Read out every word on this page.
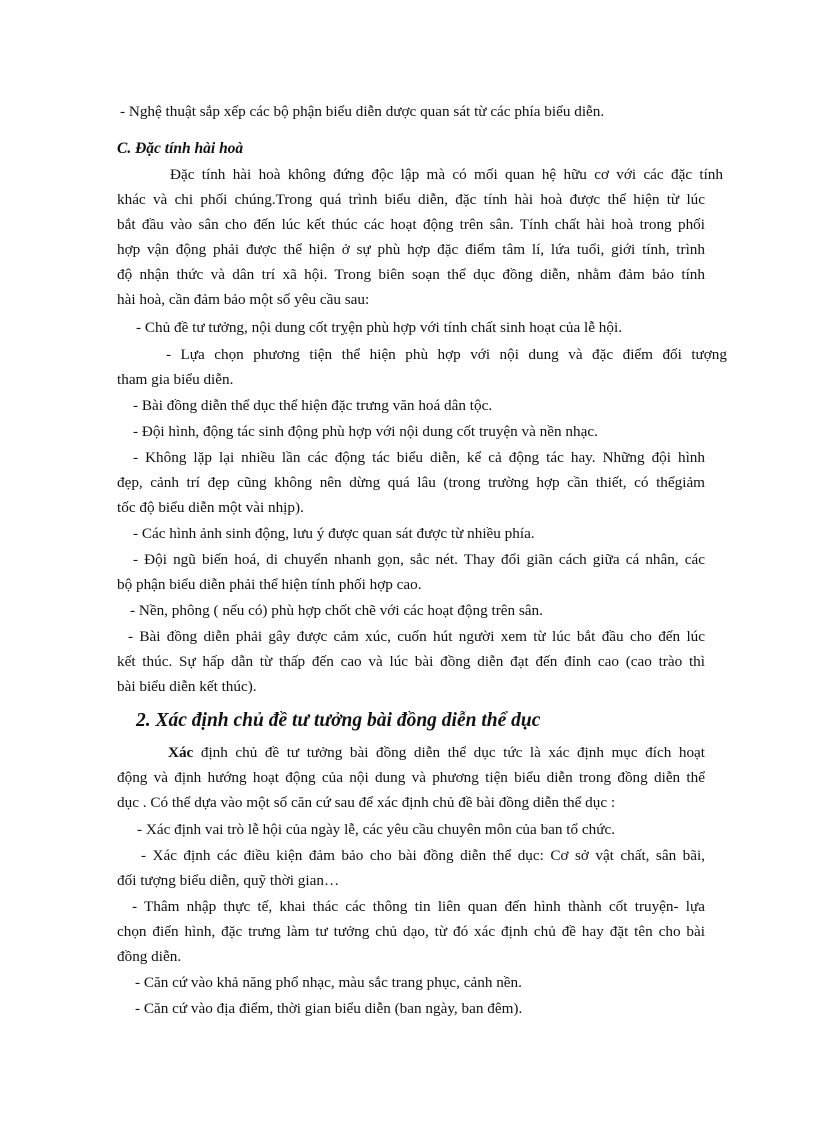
- Nghệ thuật sắp xếp các bộ phận biểu diễn dược quan sát từ các phía biểu diễn.
C. Đặc tính hài hoà
Đặc tính hài hoà không đứng độc lập mà có mối quan hệ hữu cơ với các đặc tính
khác và chi phối chúng.Trong quá trình biểu diễn, đặc tính hài hoà được thể hiện từ lúc
bắt đầu vào sân cho đến lúc kết thúc các hoạt động trên sân. Tính chất hài hoà trong phối
hợp vận động phải được thể hiện ở sự phù hợp đặc điểm tâm lí, lứa tuổi, giới tính, trình
độ nhận thức và dân trí xã hội. Trong biên soạn thể dục đồng diễn, nhằm đảm bảo tính
hài hoà, cần đảm bảo một số yêu cầu sau:
- Chủ đề tư tưởng, nội dung cốt trỵện phù hợp với tính chất sinh hoạt của lễ hội.
- Lựa chọn phương tiện thể hiện phù hợp với nội dung và đặc điểm đối tượng
tham gia biểu diễn.
- Bài đồng diễn thể dục thể hiện đặc trưng văn hoá dân tộc.
- Đội hình, động tác sinh động phù hợp với nội dung cốt truyện và nền nhạc.
- Không lặp lại nhiều lần các động tác biểu diễn, kể cả động tác hay. Những đội hình
đẹp, cảnh trí đẹp cũng không nên dừng quá lâu (trong trường hợp cần thiết, có thểgiảm
tốc độ biểu diễn một vài nhịp).
- Các hình ảnh sinh động, lưu ý được quan sát được từ nhiều phía.
- Đội ngũ biến hoá, di chuyển nhanh gọn, sắc nét. Thay đổi giãn cách giữa cá nhân, các
bộ phận biểu diễn phải thể hiện tính phối hợp cao.
- Nền, phông ( nếu có) phù hợp chốt chẽ với các hoạt động trên sân.
- Bài đồng diễn phải gây được cảm xúc, cuốn hút người xem từ lúc bắt đầu cho đến lúc
kết thúc. Sự hấp dẫn từ thấp đến cao và lúc bài đồng diễn đạt đến đỉnh cao (cao trào thì
bài biểu diễn kết thúc).
2. Xác định chủ đề tư tưởng bài đồng diễn thể dục
Xác định chủ đề tư tưởng bài đồng diễn thể dục tức là xác định mục đích hoạt
động và định hướng hoạt động của nội dung và phương tiện biểu diễn trong đồng diễn thể
dục . Có thể dựa vào một số căn cứ sau để xác định chủ đề bài đồng diễn thể dục :
- Xác định vai trò lễ hội của ngày lễ, các yêu cầu chuyên môn của ban tổ chức.
- Xác định các điều kiện đảm bảo cho bài đồng diễn thể dục: Cơ sở vật chất, sân bãi,
đối tượng biểu diễn, quỹ thời gian…
- Thâm nhập thực tế, khai thác các thông tin liên quan đến hình thành cốt truyện- lựa
chọn điển hình, đặc trưng làm tư tưởng chủ dạo, từ đó xác định chủ đề hay đặt tên cho bài
đồng diễn.
- Căn cứ vào khả năng phổ nhạc, màu sắc trang phục, cảnh nền.
- Căn cứ vào địa điểm, thời gian biểu diễn (ban ngày, ban đêm).
